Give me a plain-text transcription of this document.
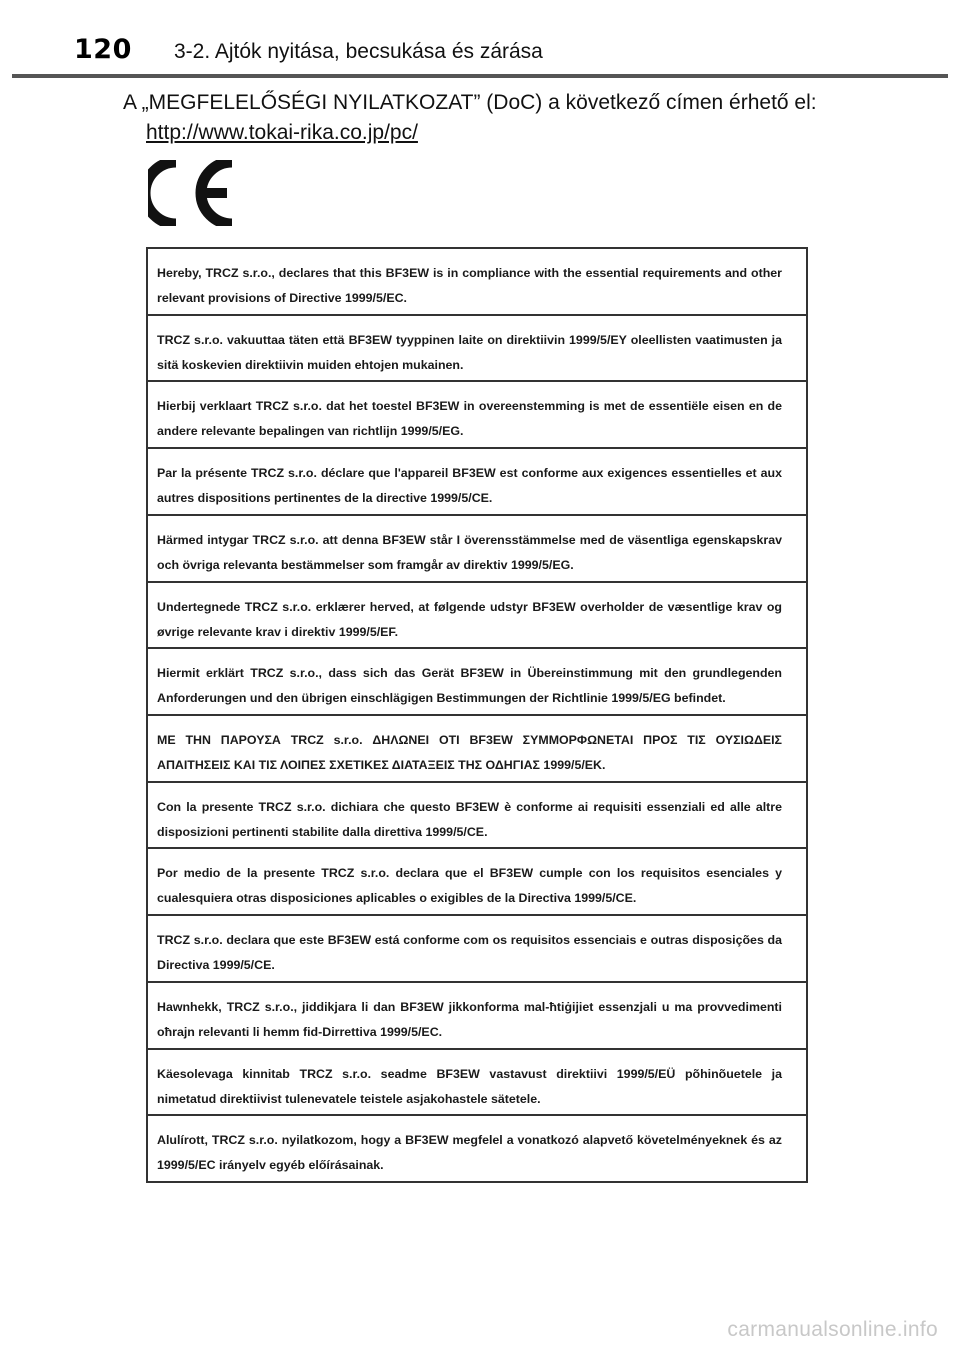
120 3-2. Ajtók nyitása, becsukása és zárása
A „MEGFELELŐSÉGI NYILATKOZAT” (DoC) a következő címen érhető el:
http://www.tokai-rika.co.jp/pc/
Hereby, TRCZ s.r.o., declares that this BF3EW is in compliance with the essential requirements and other relevant provisions of Directive 1999/5/EC.
TRCZ s.r.o. vakuuttaa täten että BF3EW tyyppinen laite on direktiivin 1999/5/EY oleellisten vaatimusten ja sitä koskevien direktiivin muiden ehtojen mukainen.
Hierbij verklaart TRCZ s.r.o. dat het toestel BF3EW in overeenstemming is met de essentiële eisen en de andere relevante bepalingen van richtlijn 1999/5/EG.
Par la présente TRCZ s.r.o. déclare que l'appareil BF3EW est conforme aux exigences essentielles et aux autres dispositions pertinentes de la directive 1999/5/CE.
Härmed intygar TRCZ s.r.o. att denna BF3EW står I överensstämmelse med de väsentliga egenskapskrav och övriga relevanta bestämmelser som framgår av direktiv 1999/5/EG.
Undertegnede TRCZ s.r.o. erklærer herved, at følgende udstyr BF3EW overholder de væsentlige krav og øvrige relevante krav i direktiv 1999/5/EF.
Hiermit erklärt TRCZ s.r.o., dass sich das Gerät BF3EW in Übereinstimmung mit den grundlegenden Anforderungen und den übrigen einschlägigen Bestimmungen der Richtlinie 1999/5/EG befindet.
ΜΕ ΤΗΝ ΠΑΡΟΥΣΑ TRCZ s.r.o. ΔΗΛΩΝΕΙ ΟΤΙ BF3EW ΣΥΜΜΟΡΦΩΝΕΤΑΙ ΠΡΟΣ ΤΙΣ ΟΥΣΙΩΔΕΙΣ ΑΠΑΙΤΗΣΕΙΣ ΚΑΙ ΤΙΣ ΛΟΙΠΕΣ ΣΧΕΤΙΚΕΣ ΔΙΑΤΑΞΕΙΣ ΤΗΣ ΟΔΗΓΙΑΣ 1999/5/ΕΚ.
Con la presente TRCZ s.r.o. dichiara che questo BF3EW è conforme ai requisiti essenziali ed alle altre disposizioni pertinenti stabilite dalla direttiva 1999/5/CE.
Por medio de la presente TRCZ s.r.o. declara que el BF3EW cumple con los requisitos esenciales y cualesquiera otras disposiciones aplicables o exigibles de la Directiva 1999/5/CE.
TRCZ s.r.o. declara que este BF3EW está conforme com os requisitos essenciais e outras disposições da Directiva 1999/5/CE.
Hawnhekk, TRCZ s.r.o., jiddikjara li dan BF3EW jikkonforma mal-ħtiġijiet essenzjali u ma provvedimenti oħrajn relevanti li hemm fid-Dirrettiva 1999/5/EC.
Käesolevaga kinnitab TRCZ s.r.o. seadme BF3EW vastavust direktiivi 1999/5/EÜ põhinõuetele ja nimetatud direktiivist tulenevatele teistele asjakohastele sätetele.
Alulírott, TRCZ s.r.o. nyilatkozom, hogy a BF3EW megfelel a vonatkozó alapvető követelményeknek és az 1999/5/EC irányelv egyéb előírásainak.
carmanualsonline.info
